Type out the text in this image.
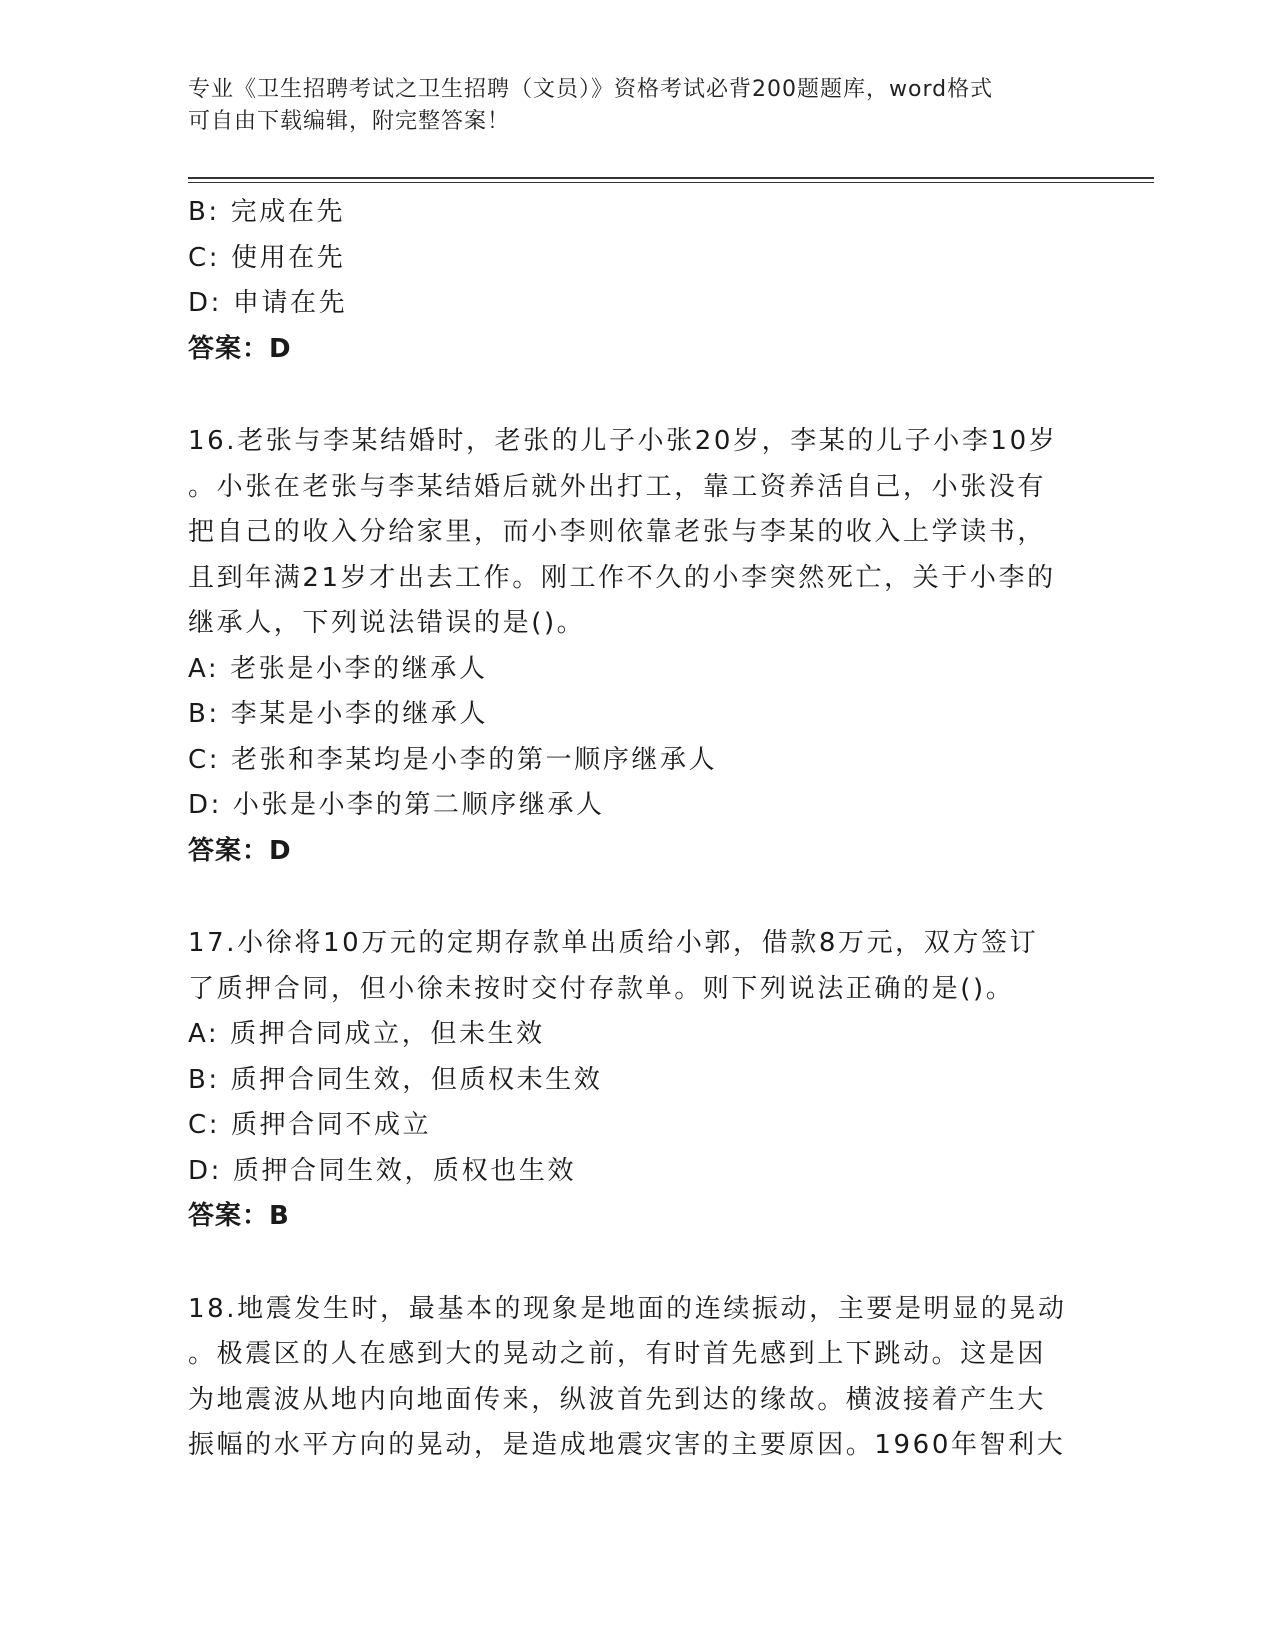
专业《卫生招聘考试之卫生招聘（文员）》资格考试必背200题题库，word格式
可自由下载编辑，附完整答案！
B: 完成在先
C: 使用在先
D: 申请在先
答案：D
16.老张与李某结婚时，老张的儿子小张20岁，李某的儿子小李10岁
。小张在老张与李某结婚后就外出打工，靠工资养活自己，小张没有
把自己的收入分给家里，而小李则依靠老张与李某的收入上学读书，
且到年满21岁才出去工作。刚工作不久的小李突然死亡，关于小李的
继承人，下列说法错误的是()。
A: 老张是小李的继承人
B: 李某是小李的继承人
C: 老张和李某均是小李的第一顺序继承人
D: 小张是小李的第二顺序继承人
答案：D
17.小徐将10万元的定期存款单出质给小郭，借款8万元，双方签订
了质押合同，但小徐未按时交付存款单。则下列说法正确的是()。
A: 质押合同成立，但未生效
B: 质押合同生效，但质权未生效
C: 质押合同不成立
D: 质押合同生效，质权也生效
答案：B
18.地震发生时，最基本的现象是地面的连续振动，主要是明显的晃动
。极震区的人在感到大的晃动之前，有时首先感到上下跳动。这是因
为地震波从地内向地面传来，纵波首先到达的缘故。横波接着产生大
振幅的水平方向的晃动，是造成地震灾害的主要原因。1960年智利大
